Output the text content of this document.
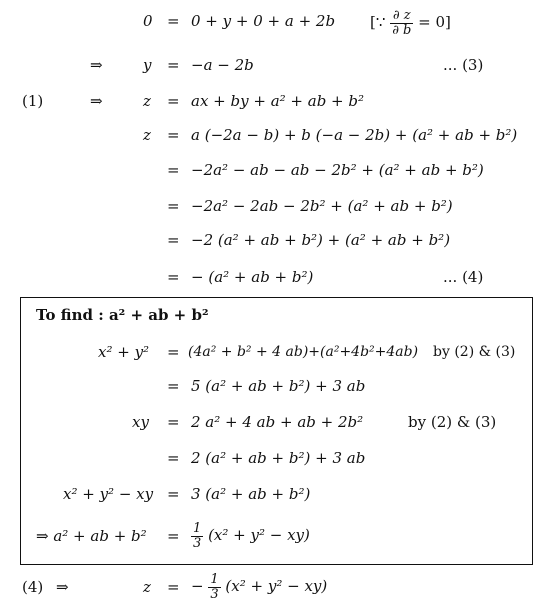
0 = 0 + y + 0 + a + 2b [∵ $\frac{\partial z}{\partial b} = 0$]
⇒	y = −a − 2b	... (3)
(1)	⇒	z = ax + by + a² + ab + b²
z = a (−2a − b) + b (−a − 2b) + (a² + ab + b²)
= −2a² − ab − ab − 2b² + (a² + ab + b²)
= −2a² − 2ab − 2b² + (a² + ab + b²)
= −2 (a² + ab + b²) + (a² + ab + b²)
= − (a² + ab + b²)	... (4)
To find : a² + ab + b²
x² + y² = (4a² + b² + 4 ab)+(a²+4b²+4ab) by (2) & (3)
= 5 (a² + ab + b²) + 3 ab
xy = 2 a² + 4 ab + ab + 2b²	by (2) & (3)
= 2 (a² + ab + b²) + 3 ab
x² + y² − xy = 3 (a² + ab + b²)
⇒ a² + ab + $b^2 = \frac{1}{3} (x^2 + y^2 - xy)$
(4) ⇒	z = − $\frac{1}{3} (x^2 + y^2 - xy)$
